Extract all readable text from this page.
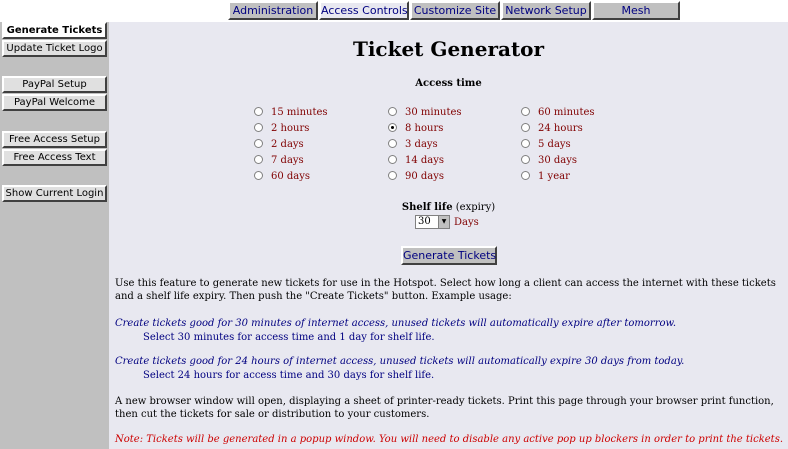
Administration Access Controls Customize Site Network Setup	Mesh
Generate Tickets
Update Ticket Logo
PayPal Setup
PayPal Welcome
Free Access Setup
Free Access Text
Show Current Login
Ticket Generator
Access time
15 minutes	30 minutes	60 minutes
2 hours	8 hours	24 hours
2 days	3 days	5 days
7 days	14 days	30 days
60 days	90 days	1 year
Shelf life (expiry)
30	▼ Days
Generate Tickets
Use this feature to generate new tickets for use in the Hotspot. Select how long a client can access the internet with these tickets and a shelf life expiry. Then push the "Create Tickets" button. Example usage:
Create tickets good for 30 minutes of internet access, unused tickets will automatically expire after tomorrow.
Select 30 minutes for access time and 1 day for shelf life.
Create tickets good for 24 hours of internet access, unused tickets will automatically expire 30 days from today.
Select 24 hours for access time and 30 days for shelf life.
A new browser window will open, displaying a sheet of printer-ready tickets. Print this page through your browser print function, then cut the tickets for sale or distribution to your customers.
Note: Tickets will be generated in a popup window. You will need to disable any active pop up blockers in order to print the tickets.
